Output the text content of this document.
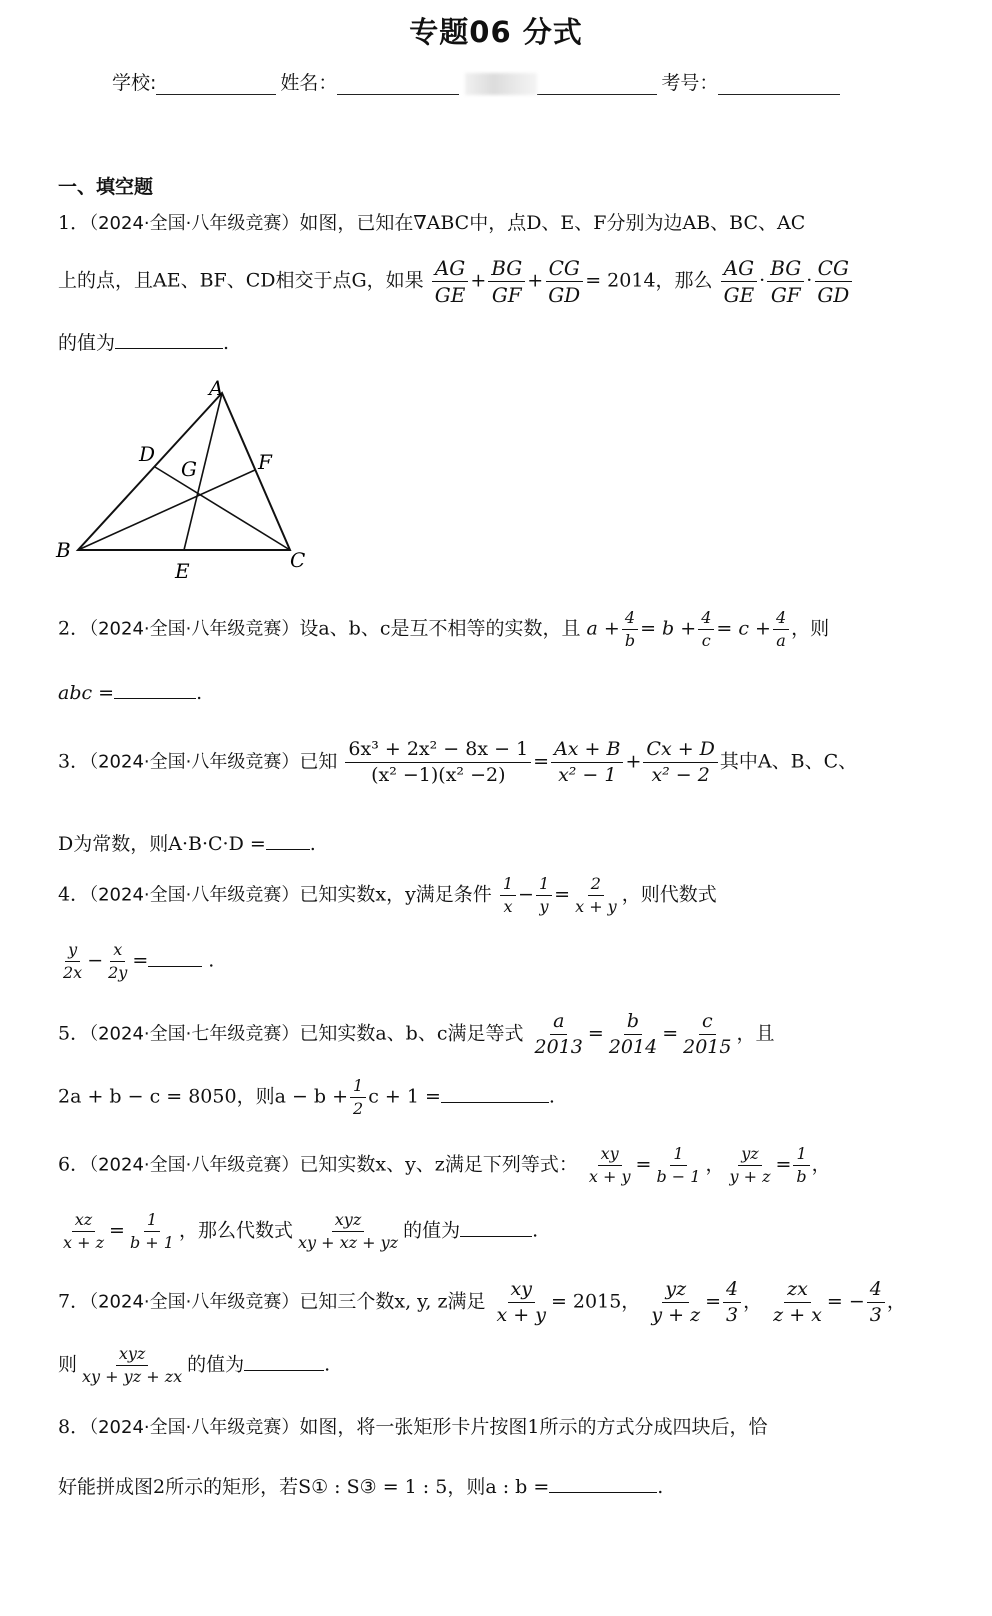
专题06 分式
学校:	姓名：	考号：
一、填空题
1．（2024·全国·八年级竞赛）如图，已知在∇ABC中，点D、E、F分别为边AB、BC、AC
上的点，且AE、BF、CD相交于点G，如果 $\frac{AG}{GE} + \frac{BG}{GF} + \frac{CG}{GD} = 2014$，那么 $\frac{AG}{GE} \cdot \frac{BG}{GF} \cdot \frac{CG}{GD}$
的值为	.
A
B	C
D
E
F
G
2．（2024·全国·八年级竞赛）设a、b、c是互不相等的实数，且 $a + \frac{4}{b} = b + \frac{4}{c} = c + \frac{4}{a}$ ，则
abc =	.
3．（2024·全国·八年级竞赛）已知 $\frac{\text{6x³ + 2x² − 8x − 1}}{\text{(x² −1)(x² −2)}} = \frac{Ax + B}{\text{x² − 1}} + \frac{Cx + D}{\text{x² − 2}}$ 其中A、B、C、
D为常数，则A·B·C·D = .
4．（2024·全国·八年级竞赛）已知实数x，y满足条件 $\frac{1}{x} - \frac{1}{y} = \frac{2}{x + y}$ ，则代数式
$\frac{y}{2x} - \frac{x}{2y}$ =	.
5．（2024·全国·七年级竞赛）已知实数a、b、c满足等式 $\frac{a}{2013} = \frac{b}{2014} = \frac{c}{2015}$ ，且
2a + b − c = 8050，则$a - b + \frac{1}{2}$ c + 1 =	.
6．（2024·全国·八年级竞赛）已知实数x、y、z满足下列等式： $\frac{xy}{x + y} = \frac{1}{b - 1}$ ， $\frac{yz}{y + z} = \frac{1}{b}$ ，
$\frac{xz}{x + z} = \frac{1}{b + 1}$ ，那么代数式 $\frac{\text{xyz}}{xy + xz + yz}$ 的值为	.
7．（2024·全国·八年级竞赛）已知三个数x, y, z满足 $\frac{xy}{x + y} = 2015$， $\frac{yz}{y + z} = \frac{4}{3}$ ， $\frac{zx}{z + x}$ = − $\frac{4}{3}$ ，
则 $\frac{\text{xyz}}{xy + yz + zx}$ 的值为	.
8．（2024·全国·八年级竞赛）如图，将一张矩形卡片按图1所示的方式分成四块后，恰
好能拼成图2所示的矩形，若S① : S③ = 1 : 5，则a : b =	.
